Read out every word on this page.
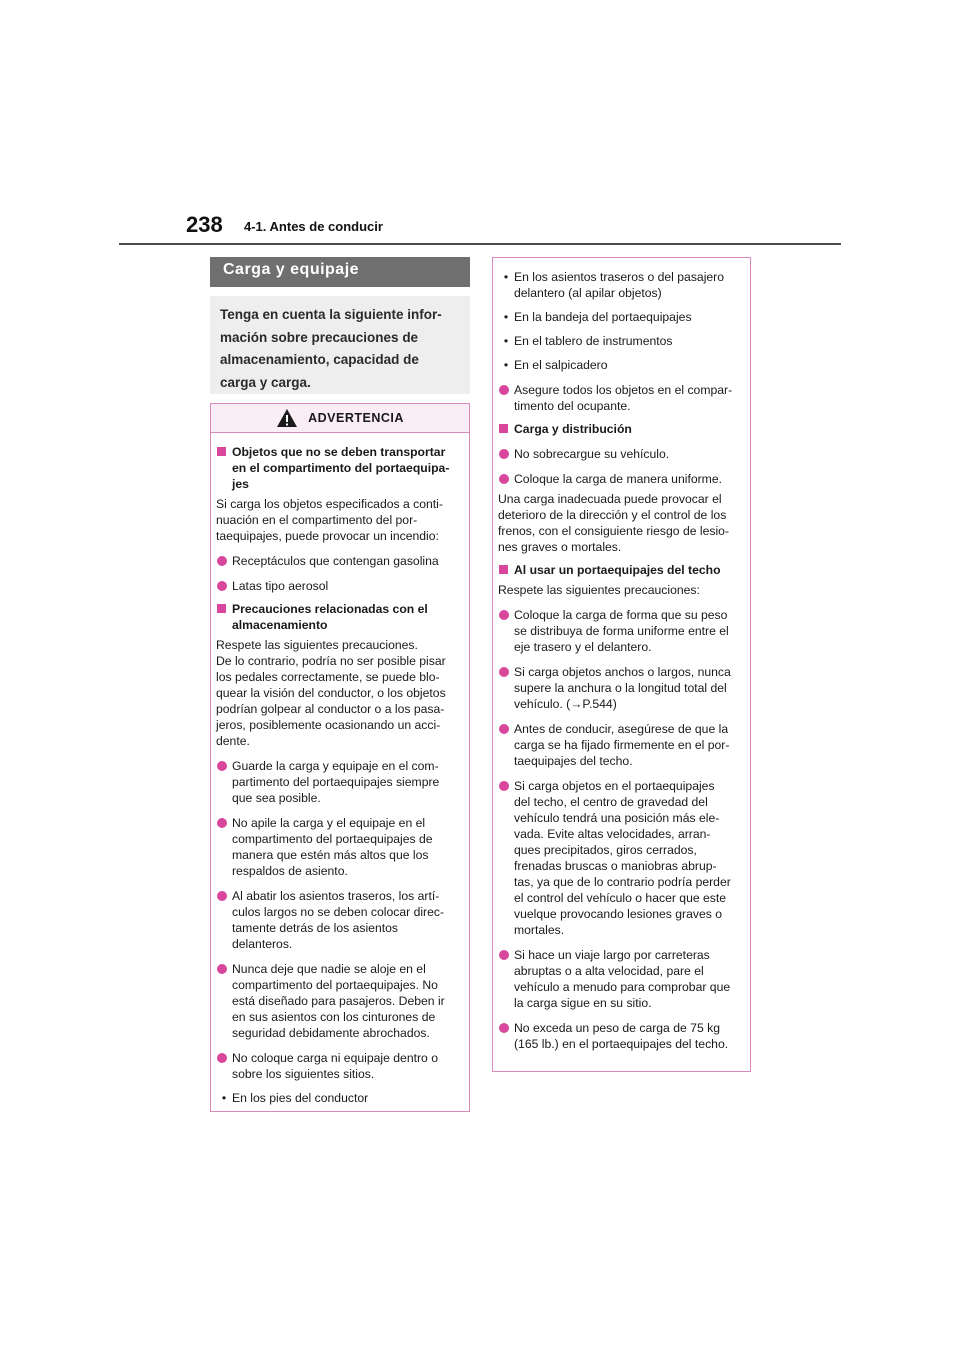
238 4-1. Antes de conducir
Carga y equipaje
Tenga en cuenta la siguiente infor-
mación sobre precauciones de
almacenamiento, capacidad de
carga y carga.
ADVERTENCIA
Objetos que no se deben transportar
en el compartimento del portaequipa-
jes
Si carga los objetos especificados a conti-
nuación en el compartimento del por-
taequipajes, puede provocar un incendio:
Receptáculos que contengan gasolina
Latas tipo aerosol
Precauciones relacionadas con el
almacenamiento
Respete las siguientes precauciones.
De lo contrario, podría no ser posible pisar
los pedales correctamente, se puede blo-
quear la visión del conductor, o los objetos
podrían golpear al conductor o a los pasa-
jeros, posiblemente ocasionando un acci-
dente.
Guarde la carga y equipaje en el com-
partimento del portaequipajes siempre
que sea posible.
No apile la carga y el equipaje en el
compartimento del portaequipajes de
manera que estén más altos que los
respaldos de asiento.
Al abatir los asientos traseros, los artí-
culos largos no se deben colocar direc-
tamente detrás de los asientos
delanteros.
Nunca deje que nadie se aloje en el
compartimento del portaequipajes. No
está diseñado para pasajeros. Deben ir
en sus asientos con los cinturones de
seguridad debidamente abrochados.
No coloque carga ni equipaje dentro o
sobre los siguientes sitios.
• En los pies del conductor
• En los asientos traseros o del pasajero
delantero (al apilar objetos)
• En la bandeja del portaequipajes
• En el tablero de instrumentos
• En el salpicadero
Asegure todos los objetos en el compar-
timento del ocupante.
Carga y distribución
No sobrecargue su vehículo.
Coloque la carga de manera uniforme.
Una carga inadecuada puede provocar el
deterioro de la dirección y el control de los
frenos, con el consiguiente riesgo de lesio-
nes graves o mortales.
Al usar un portaequipajes del techo
Respete las siguientes precauciones:
Coloque la carga de forma que su peso
se distribuya de forma uniforme entre el
eje trasero y el delantero.
Si carga objetos anchos o largos, nunca
supere la anchura o la longitud total del
vehículo. (→P.544)
Antes de conducir, asegúrese de que la
carga se ha fijado firmemente en el por-
taequipajes del techo.
Si carga objetos en el portaequipajes
del techo, el centro de gravedad del
vehículo tendrá una posición más ele-
vada. Evite altas velocidades, arran-
ques precipitados, giros cerrados,
frenadas bruscas o maniobras abrup-
tas, ya que de lo contrario podría perder
el control del vehículo o hacer que este
vuelque provocando lesiones graves o
mortales.
Si hace un viaje largo por carreteras
abruptas o a alta velocidad, pare el
vehículo a menudo para comprobar que
la carga sigue en su sitio.
No exceda un peso de carga de 75 kg
(165 lb.) en el portaequipajes del techo.
